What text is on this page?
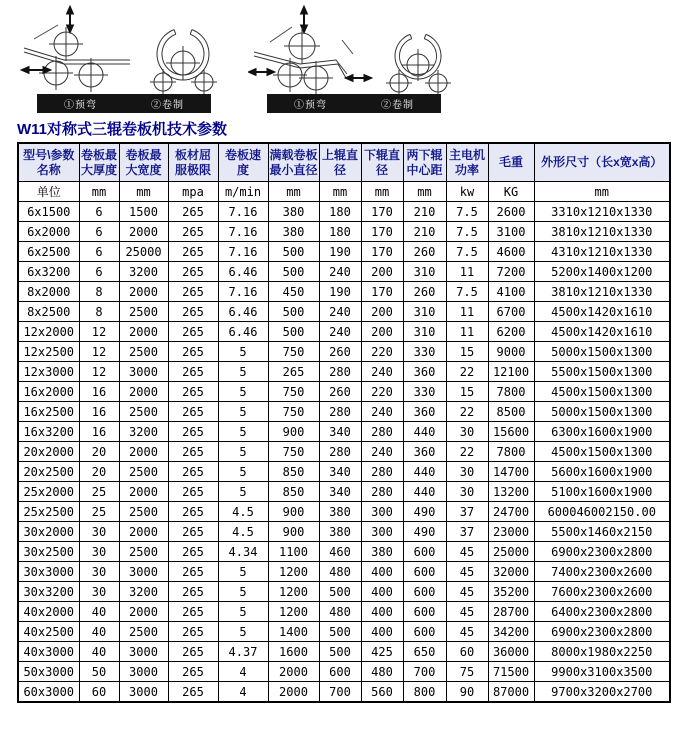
①预弯	②卷制	①预弯	②卷制
W11对称式三辊卷板机技术参数
型号\参数名称	卷板最大厚度	卷板最大宽度	板材屈服极限	卷板速度	满载卷板最小直径	上辊直径	下辊直径	两下辊中心距	主电机功率	毛重	外形尺寸（长x宽x高）
单位	mm	mm	mpa	m/min	mm	mm	mm	mm	kw	KG	mm
6x1500	6	1500	265	7.16	380	180	170	210	7.5	2600	3310x1210x1330
6x2000	6	2000	265	7.16	380	180	170	210	7.5	3100	3810x1210x1330
6x2500	6	25000	265	7.16	500	190	170	260	7.5	4600	4310x1210x1330
6x3200	6	3200	265	6.46	500	240	200	310	11	7200	5200x1400x1200
8x2000	8	2000	265	7.16	450	190	170	260	7.5	4100	3810x1210x1330
8x2500	8	2500	265	6.46	500	240	200	310	11	6700	4500x1420x1610
12x2000	12	2000	265	6.46	500	240	200	310	11	6200	4500x1420x1610
12x2500	12	2500	265	5	750	260	220	330	15	9000	5000x1500x1300
12x3000	12	3000	265	5	265	280	240	360	22	12100	5500x1500x1300
16x2000	16	2000	265	5	750	260	220	330	15	7800	4500x1500x1300
16x2500	16	2500	265	5	750	280	240	360	22	8500	5000x1500x1300
16x3200	16	3200	265	5	900	340	280	440	30	15600	6300x1600x1900
20x2000	20	2000	265	5	750	280	240	360	22	7800	4500x1500x1300
20x2500	20	2500	265	5	850	340	280	440	30	14700	5600x1600x1900
25x2000	25	2000	265	5	850	340	280	440	30	13200	5100x1600x1900
25x2500	25	2500	265	4.5	900	380	300	490	37	24700	600046002150.00
30x2000	30	2000	265	4.5	900	380	300	490	37	23000	5500x1460x2150
30x2500	30	2500	265	4.34	1100	460	380	600	45	25000	6900x2300x2800
30x3000	30	3000	265	5	1200	480	400	600	45	32000	7400x2300x2600
30x3200	30	3200	265	5	1200	500	400	600	45	35200	7600x2300x2600
40x2000	40	2000	265	5	1200	480	400	600	45	28700	6400x2300x2800
40x2500	40	2500	265	5	1400	500	400	600	45	34200	6900x2300x2800
40x3000	40	3000	265	4.37	1600	500	425	650	60	36000	8000x1980x2250
50x3000	50	3000	265	4	2000	600	480	700	75	71500	9900x3100x3500
60x3000	60	3000	265	4	2000	700	560	800	90	87000	9700x3200x2700
